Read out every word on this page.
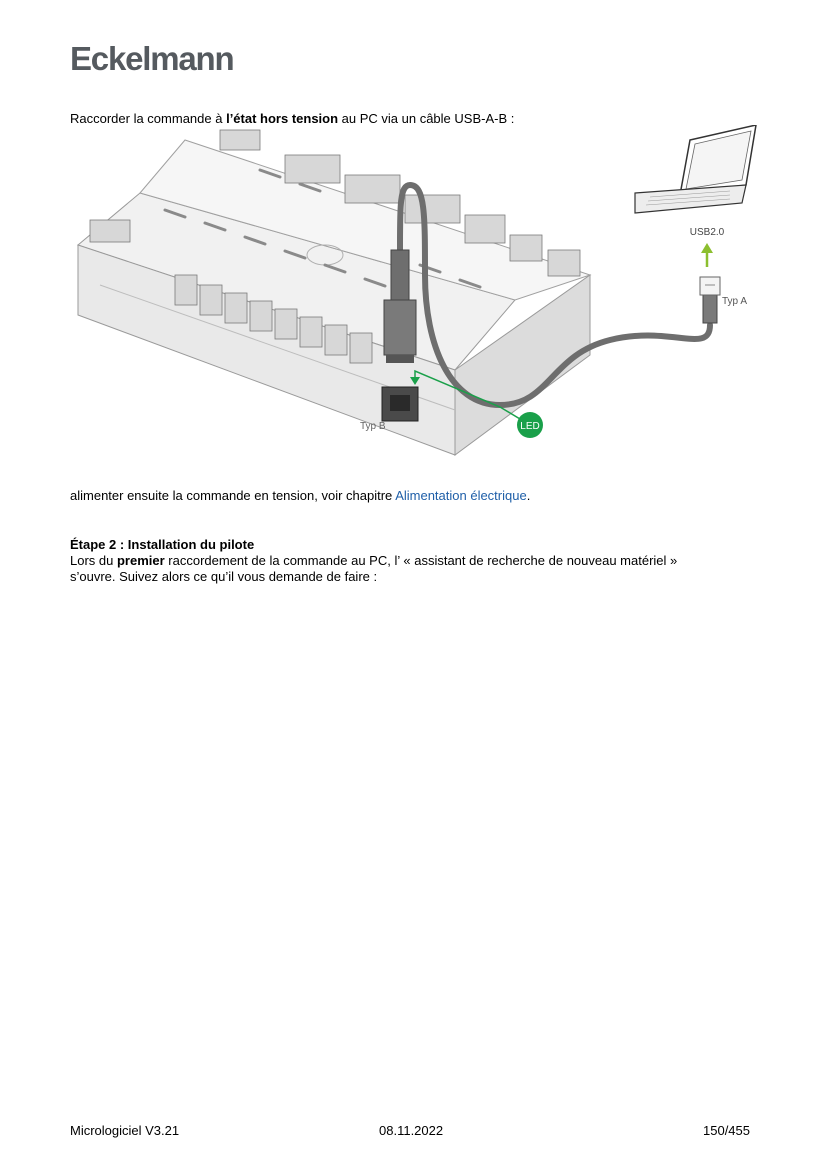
Eckelmann
Raccorder la commande à l’état hors tension au PC via un câble USB-A-B :
LED
USB2.0
Typ A
Typ B
alimenter ensuite la commande en tension, voir chapitre Alimentation électrique.
Étape 2 : Installation du pilote
Lors du premier raccordement de la commande au PC, l’ « assistant de recherche de nouveau matériel »
s’ouvre. Suivez alors ce qu’il vous demande de faire :
Micrologiciel V3.21	08.11.2022	150/455
